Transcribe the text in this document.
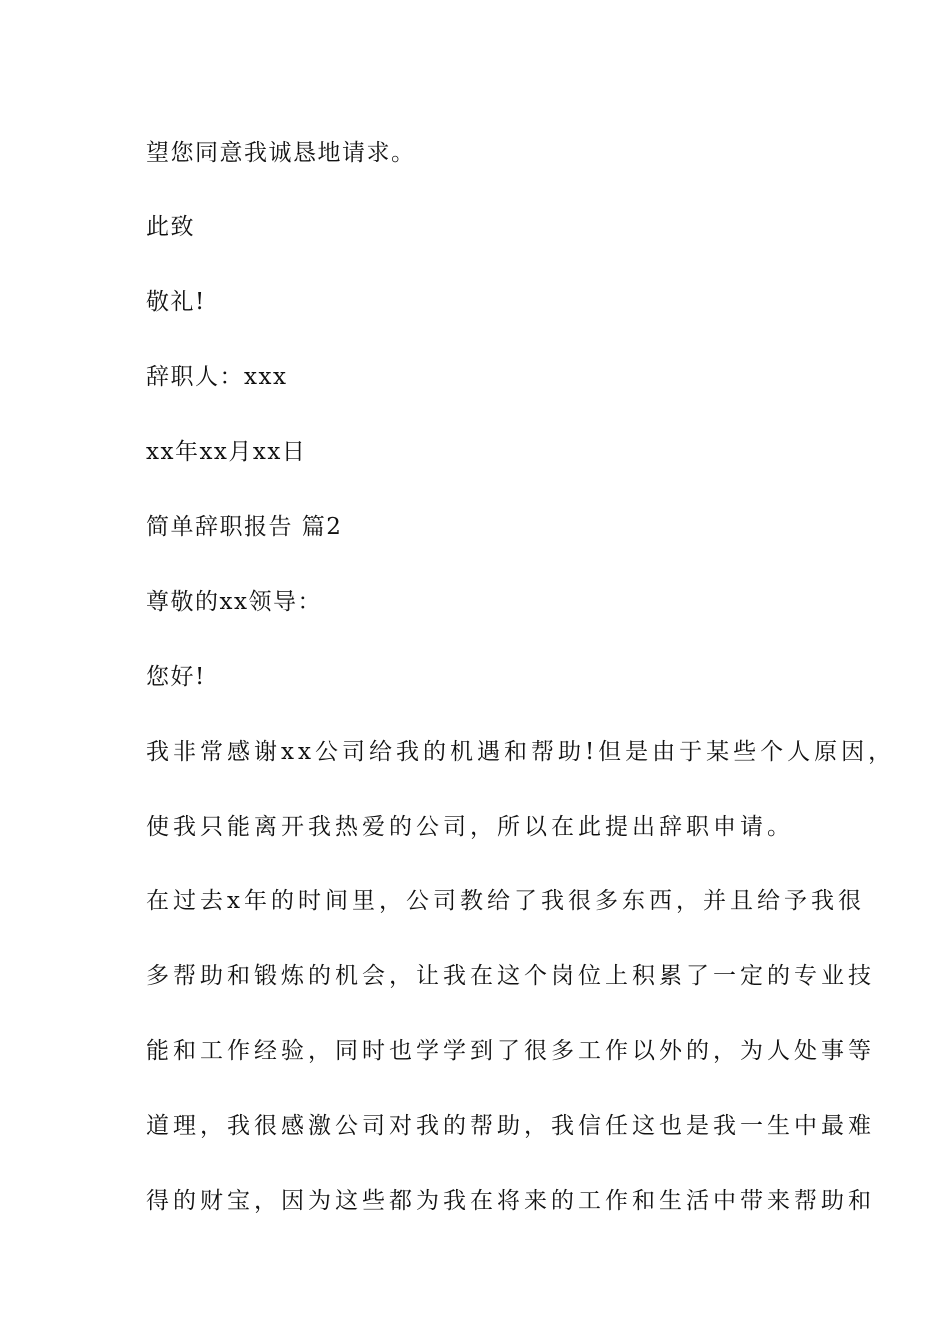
望您同意我诚恳地请求。
此致
敬礼!
辞职人：xxx
xx年xx月xx日
简单辞职报告 篇2
尊敬的xx领导：
您好!
我非常感谢xx公司给我的机遇和帮助!但是由于某些个人原因，
使我只能离开我热爱的公司，所以在此提出辞职申请。
在过去x年的时间里，公司教给了我很多东西，并且给予我很
多帮助和锻炼的机会，让我在这个岗位上积累了一定的专业技
能和工作经验，同时也学学到了很多工作以外的，为人处事等
道理，我很感激公司对我的帮助，我信任这也是我一生中最难
得的财宝，因为这些都为我在将来的工作和生活中带来帮助和
